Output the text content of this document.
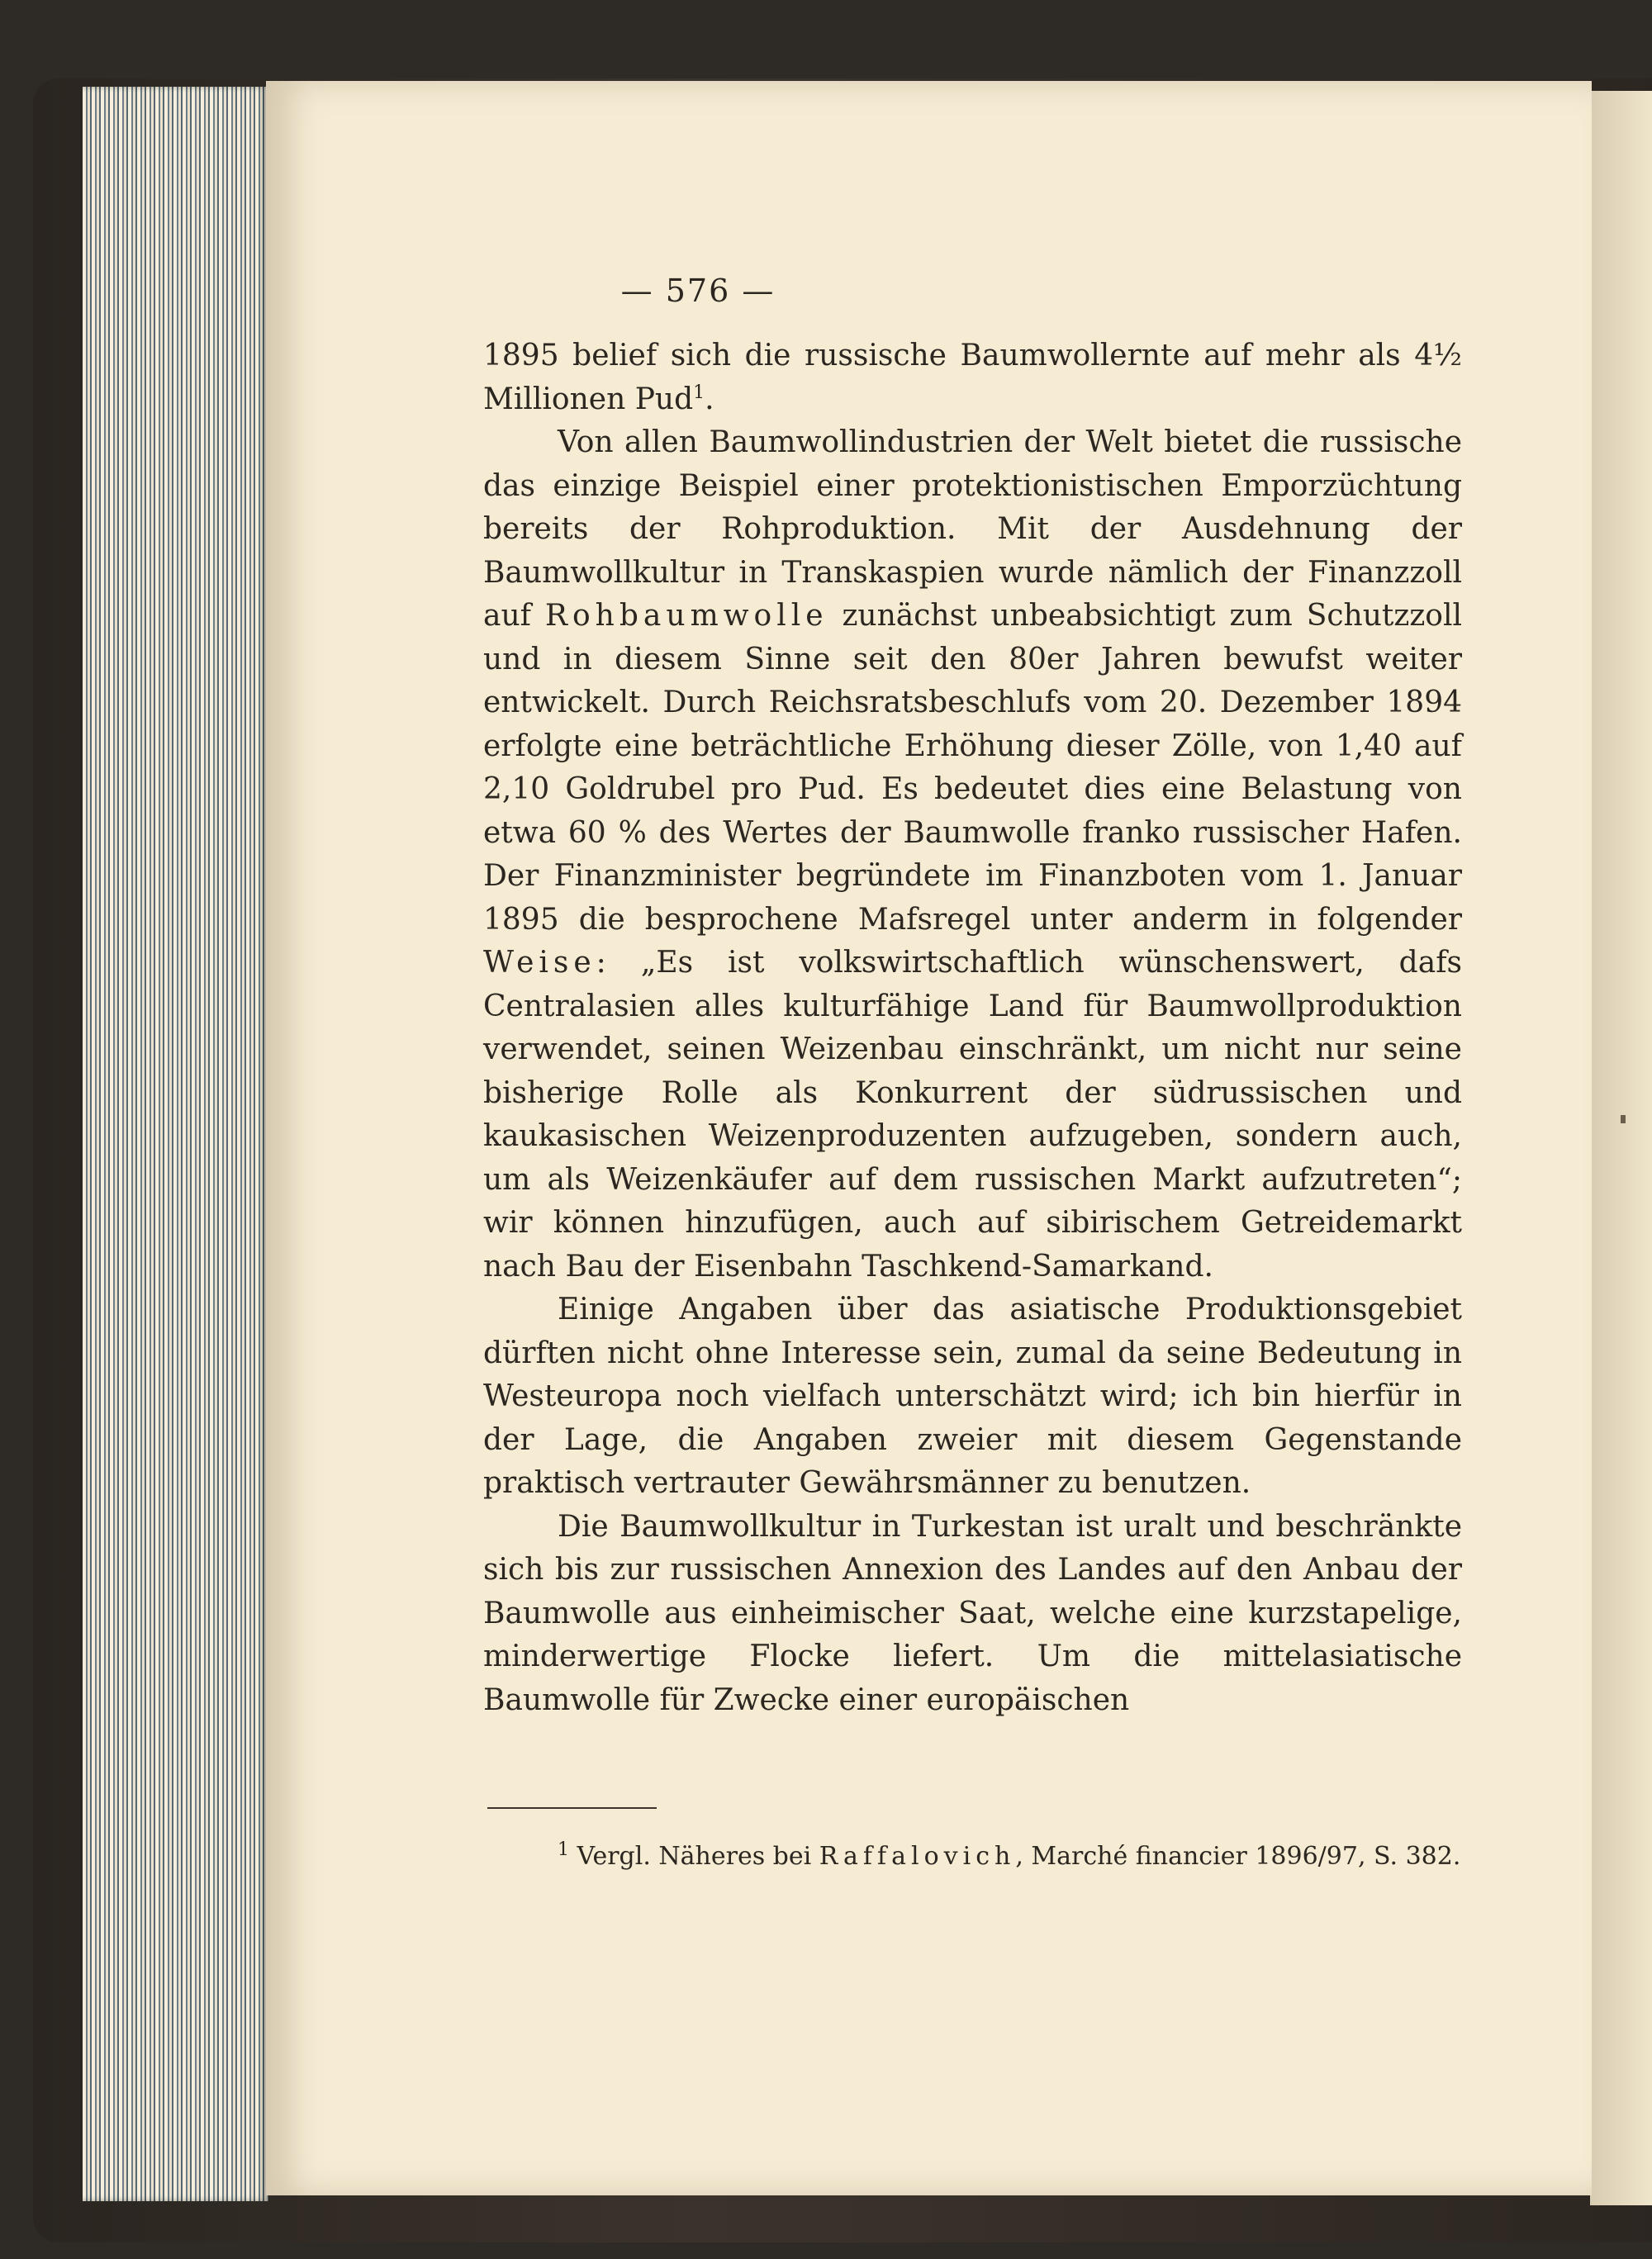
— 576 —

1895 belief sich die russische Baumwollernte auf mehr als 4½ Millionen Pud$^1$.

Von allen Baumwollindustrien der Welt bietet die russische das einzige Beispiel einer protektionistischen Emporzüchtung bereits der Rohproduktion. Mit der Ausdehnung der Baumwollkultur in Transkaspien wurde nämlich der Finanzzoll auf Rohbaumwolle zunächst unbeabsichtigt zum Schutzzoll und in diesem Sinne seit den 80er Jahren bewufst weiter entwickelt. Durch Reichsratsbeschlufs vom 20. Dezember 1894 erfolgte eine beträchtliche Erhöhung dieser Zölle, von 1,40 auf 2,10 Goldrubel pro Pud. Es bedeutet dies eine Belastung von etwa 60 % des Wertes der Baumwolle franko russischer Hafen. Der Finanzminister begründete im Finanzboten vom 1. Januar 1895 die besprochene Mafsregel unter anderm in folgender Weise: „Es ist volkswirtschaftlich wünschenswert, dafs Centralasien alles kulturfähige Land für Baumwollproduktion verwendet, seinen Weizenbau einschränkt, um nicht nur seine bisherige Rolle als Konkurrent der südrussischen und kaukasischen Weizenproduzenten aufzugeben, sondern auch, um als Weizenkäufer auf dem russischen Markt aufzutreten“; wir können hinzufügen, auch auf sibirischem Getreidemarkt nach Bau der Eisenbahn Taschkend-Samarkand.

Einige Angaben über das asiatische Produktionsgebiet dürften nicht ohne Interesse sein, zumal da seine Bedeutung in Westeuropa noch vielfach unterschätzt wird; ich bin hierfür in der Lage, die Angaben zweier mit diesem Gegenstande praktisch vertrauter Gewährsmänner zu benutzen.

Die Baumwollkultur in Turkestan ist uralt und beschränkte sich bis zur russischen Annexion des Landes auf den Anbau der Baumwolle aus einheimischer Saat, welche eine kurzstapelige, minderwertige Flocke liefert. Um die mittelasiatische Baumwolle für Zwecke einer europäischen

$^1$ Vergl. Näheres bei Raffalovich, Marché financier 1896/97, S. 382.
